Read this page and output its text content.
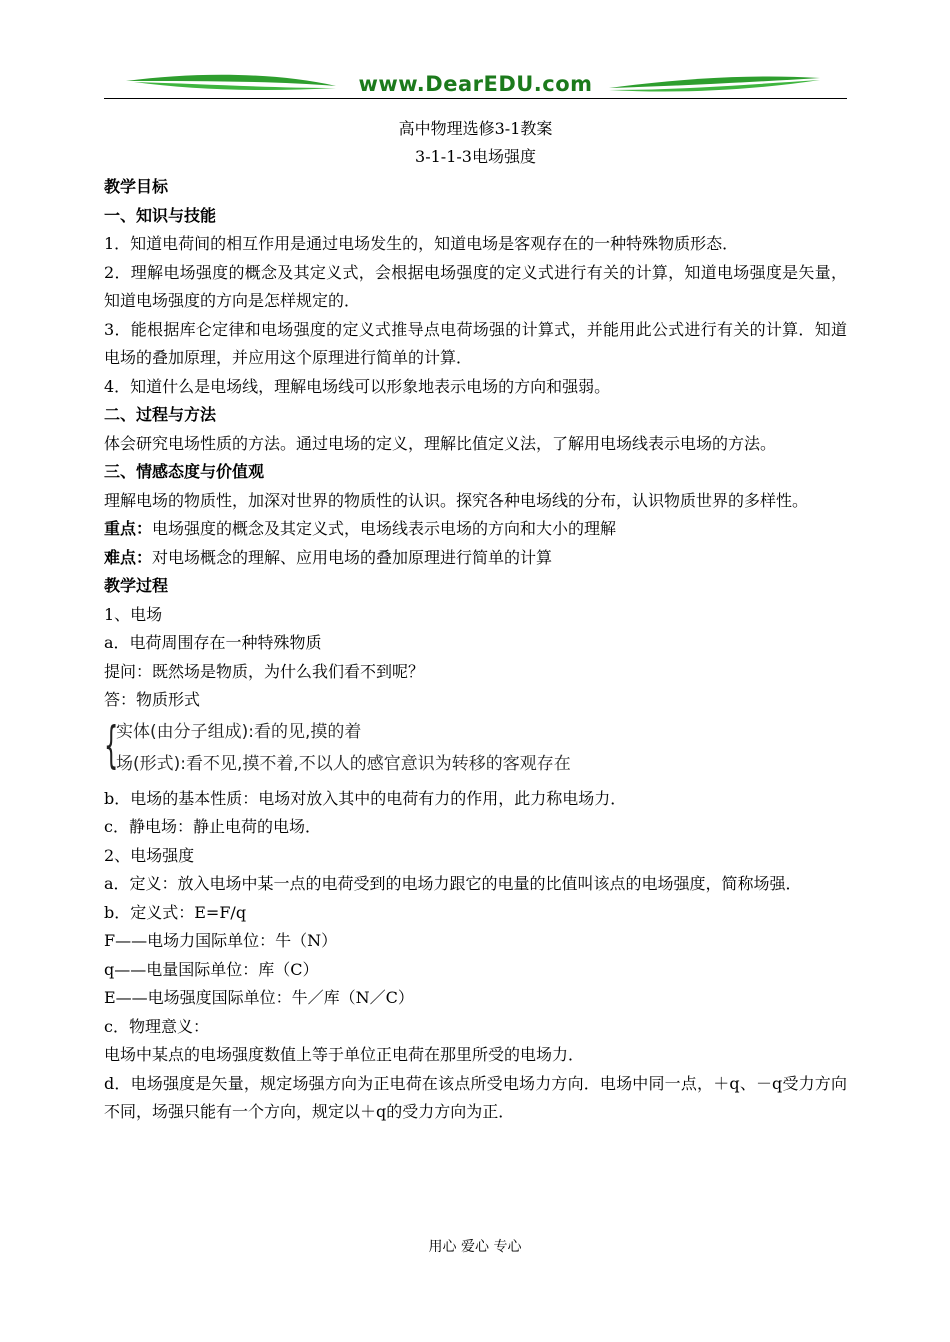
www.DearEDU.com
高中物理选修3-1教案
3-1-1-3电场强度
教学目标
一、知识与技能
1．知道电荷间的相互作用是通过电场发生的，知道电场是客观存在的一种特殊物质形态．
2．理解电场强度的概念及其定义式，会根据电场强度的定义式进行有关的计算，知道电场强度是矢量，知道电场强度的方向是怎样规定的．
3．能根据库仑定律和电场强度的定义式推导点电荷场强的计算式，并能用此公式进行有关的计算．知道电场的叠加原理，并应用这个原理进行简单的计算．
4．知道什么是电场线，理解电场线可以形象地表示电场的方向和强弱。
二、过程与方法
体会研究电场性质的方法。通过电场的定义，理解比值定义法，了解用电场线表示电场的方法。
三、情感态度与价值观
理解电场的物质性，加深对世界的物质性的认识。探究各种电场线的分布，认识物质世界的多样性。
重点：电场强度的概念及其定义式，电场线表示电场的方向和大小的理解
难点：对电场概念的理解、应用电场的叠加原理进行简单的计算
教学过程
1、电场
a．电荷周围存在一种特殊物质
提问：既然场是物质，为什么我们看不到呢？
答：物质形式
{
实体(由分子组成):看的见,摸的着
场(形式):看不见,摸不着,不以人的感官意识为转移的客观存在
b．电场的基本性质：电场对放入其中的电荷有力的作用，此力称电场力．
c．静电场：静止电荷的电场．
2、电场强度
a．定义：放入电场中某一点的电荷受到的电场力跟它的电量的比值叫该点的电场强度，简称场强．
b．定义式：E=F/q
F——电场力国际单位：牛（N）
q——电量国际单位：库（C）
E——电场强度国际单位：牛／库（N／C）
c．物理意义：
电场中某点的电场强度数值上等于单位正电荷在那里所受的电场力．
d．电场强度是矢量，规定场强方向为正电荷在该点所受电场力方向．电场中同一点，＋q、－q受力方向不同，场强只能有一个方向，规定以＋q的受力方向为正．
用心 爱心 专心
